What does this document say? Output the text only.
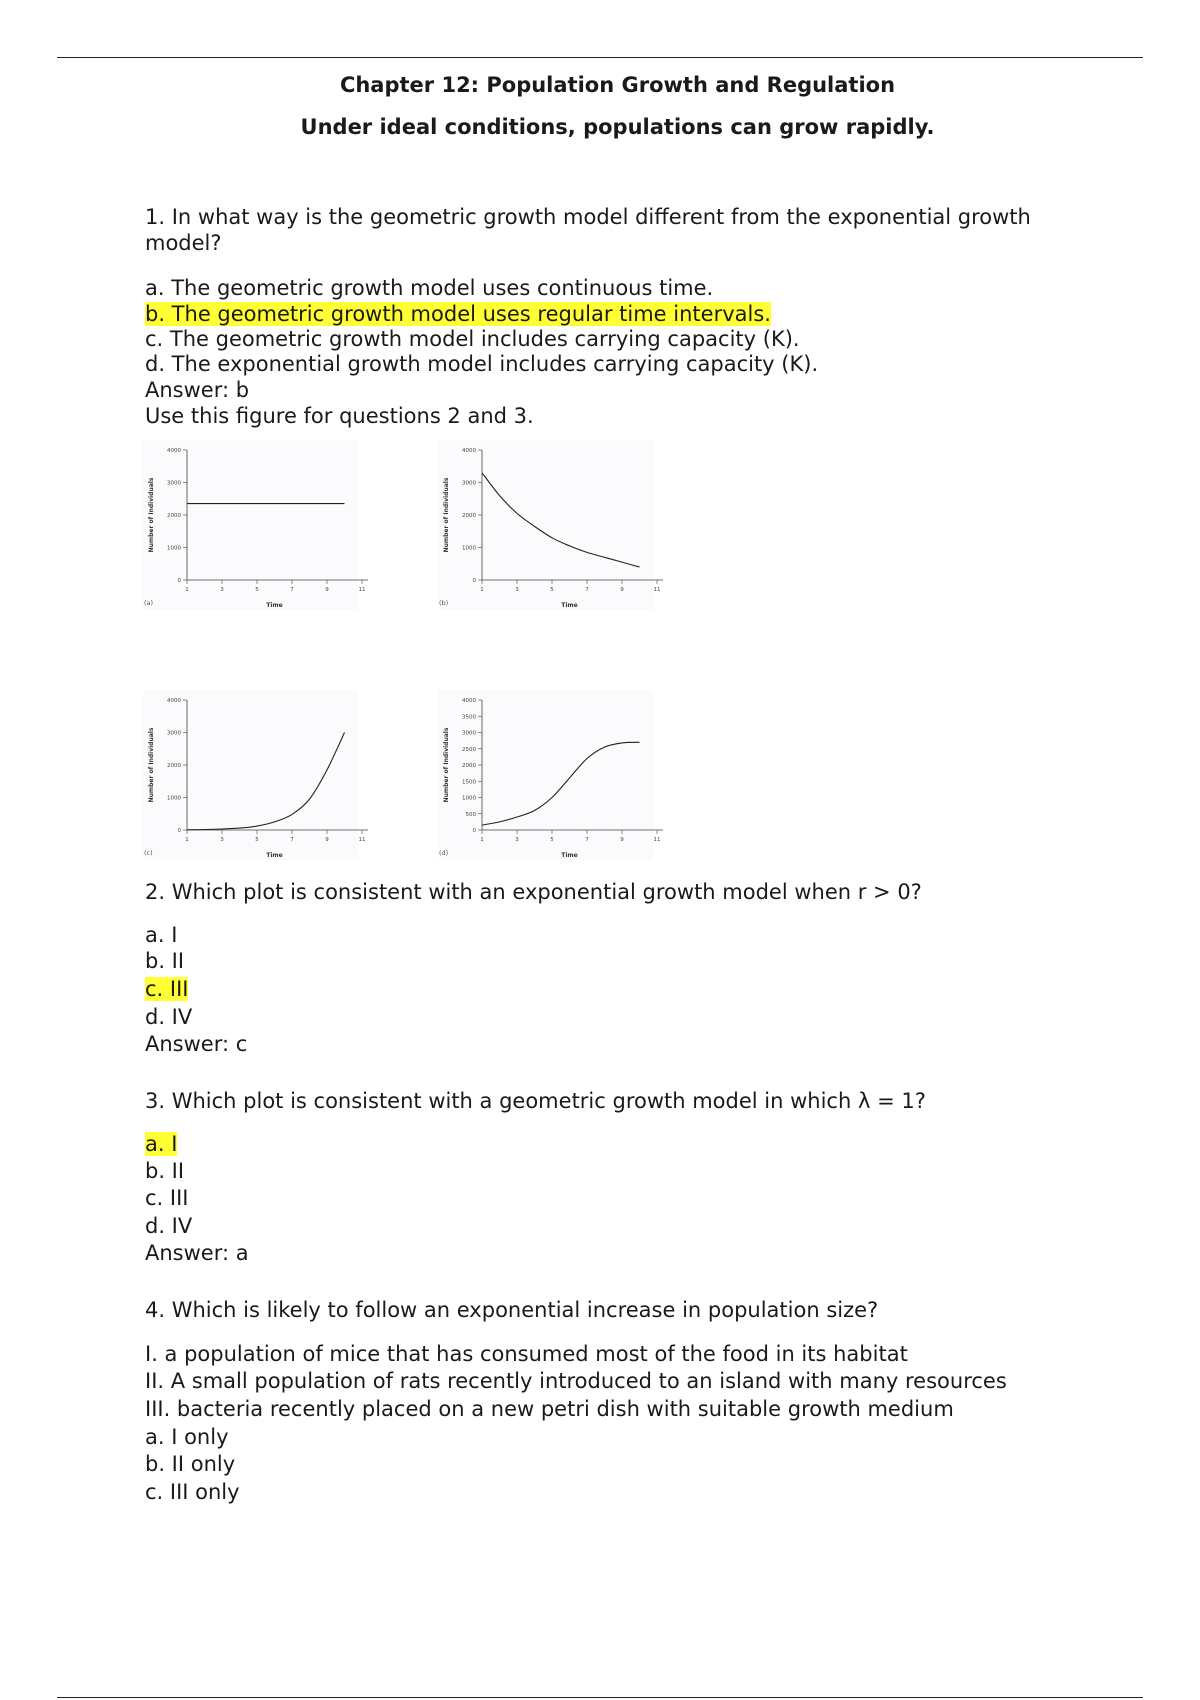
Chapter 12: Population Growth and Regulation
Under ideal conditions, populations can grow rapidly.
1. In what way is the geometric growth model different from the exponential growth
model?
a. The geometric growth model uses continuous time.
b. The geometric growth model uses regular time intervals.
c. The geometric growth model includes carrying capacity (K).
d. The exponential growth model includes carrying capacity (K).
Answer: b
Use this figure for questions 2 and 3.
0
1000
2000
3000
4000
1	3	5	7	9	11
Number of Individuals
Time
(a)
0
1000
2000
3000
4000
1	3	5	7	9	11
Number of Individuals
Time
(b)
0
1000
2000
3000
4000
1	3	5	7	9	11
Number of Individuals
Time
(c)
0
500
1000
1500
2000
2500
3000
3500
4000
1	3	5	7	9	11
Number of Individuals
Time
(d)
2. Which plot is consistent with an exponential growth model when r > 0?
a. I
b. II
c. III
d. IV
Answer: c
3. Which plot is consistent with a geometric growth model in which λ = 1?
a. I
b. II
c. III
d. IV
Answer: a
4. Which is likely to follow an exponential increase in population size?
I. a population of mice that has consumed most of the food in its habitat
II. A small population of rats recently introduced to an island with many resources
III. bacteria recently placed on a new petri dish with suitable growth medium
a. I only
b. II only
c. III only
